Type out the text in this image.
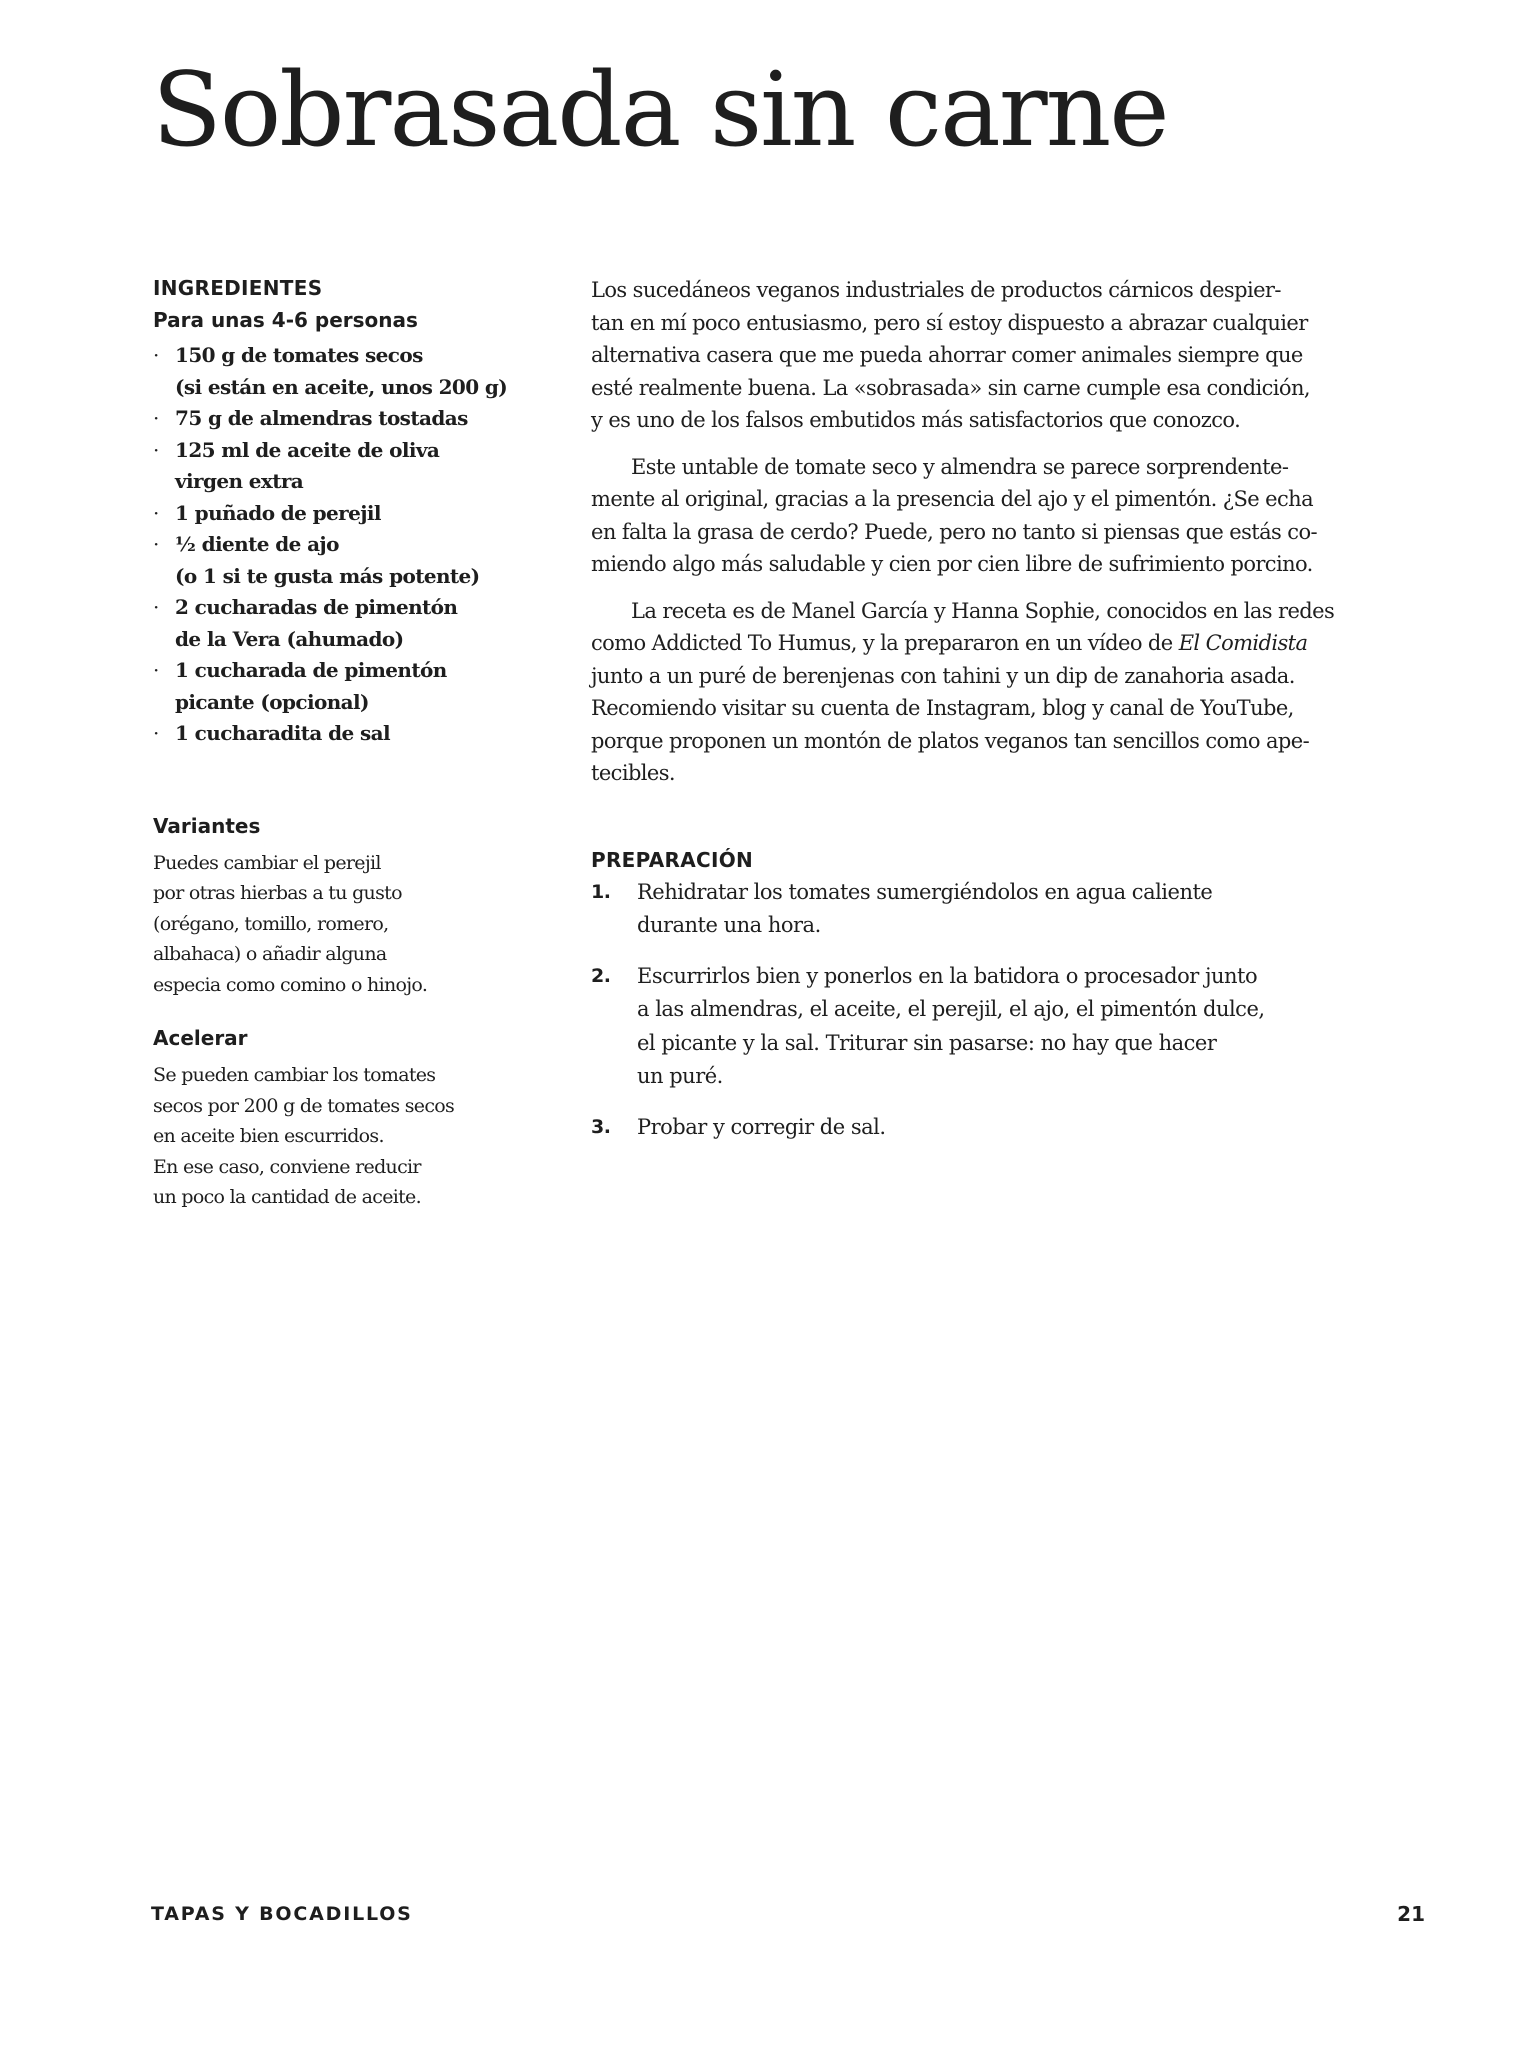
Sobrasada sin carne

INGREDIENTES

Para unas 4-6 personas

· 150 g de tomates secos
(si están en aceite, unos 200 g)
· 75 g de almendras tostadas
· 125 ml de aceite de oliva
virgen extra
· 1 puñado de perejil
· ½ diente de ajo
(o 1 si te gusta más potente)
· 2 cucharadas de pimentón
de la Vera (ahumado)
· 1 cucharada de pimentón
picante (opcional)
· 1 cucharadita de sal

Variantes

Puedes cambiar el perejil
por otras hierbas a tu gusto
(orégano, tomillo, romero,
albahaca) o añadir alguna
especia como comino o hinojo.

Acelerar

Se pueden cambiar los tomates
secos por 200 g de tomates secos
en aceite bien escurridos.
En ese caso, conviene reducir
un poco la cantidad de aceite.

Los sucedáneos veganos industriales de productos cárnicos despier-
tan en mí poco entusiasmo, pero sí estoy dispuesto a abrazar cualquier
alternativa casera que me pueda ahorrar comer animales siempre que
esté realmente buena. La «sobrasada» sin carne cumple esa condición,
y es uno de los falsos embutidos más satisfactorios que conozco.

Este untable de tomate seco y almendra se parece sorprendente-
mente al original, gracias a la presencia del ajo y el pimentón. ¿Se echa
en falta la grasa de cerdo? Puede, pero no tanto si piensas que estás co-
miendo algo más saludable y cien por cien libre de sufrimiento porcino.

La receta es de Manel García y Hanna Sophie, conocidos en las redes
como Addicted To Humus, y la prepararon en un vídeo de El Comidista
junto a un puré de berenjenas con tahini y un dip de zanahoria asada.
Recomiendo visitar su cuenta de Instagram, blog y canal de YouTube,
porque proponen un montón de platos veganos tan sencillos como ape-
tecibles.

PREPARACIÓN

1. Rehidratar los tomates sumergiéndolos en agua caliente
durante una hora.
2. Escurrirlos bien y ponerlos en la batidora o procesador junto
a las almendras, el aceite, el perejil, el ajo, el pimentón dulce,
el picante y la sal. Triturar sin pasarse: no hay que hacer
un puré.
3. Probar y corregir de sal.
TAPAS Y BOCADILLOS	21
